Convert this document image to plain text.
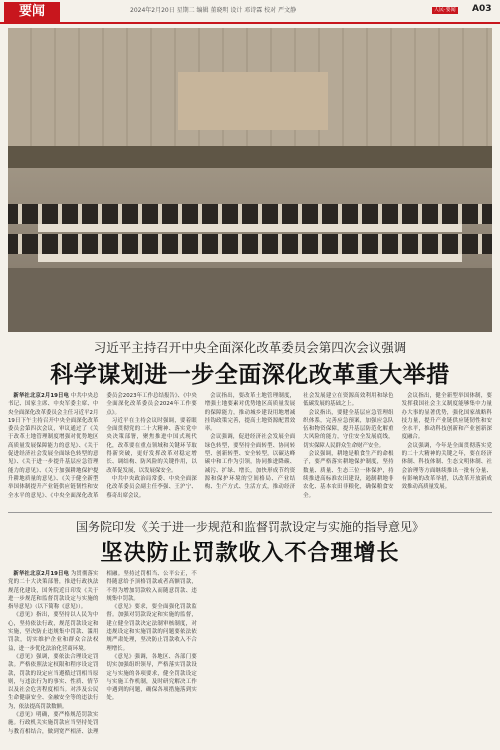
要闻	2024年2月20日 星期二 编辑 董晓明 设计 邓诗霖 校对 严文静	人民·要闻 A03
习近平主持召开中央全面深化改革委员会第四次会议强调
科学谋划进一步全面深化改革重大举措

新华社北京2月19日电 中共中央总书记、国家主席、中央军委主席、中央全面深化改革委员会主任习近平2月19日下午主持召开中央全面深化改革委员会第四次会议，审议通过了《关于改革土地管理制度增强对优势地区高质量发展保障能力的意见》、《关于促进经济社会发展全面绿色转型的意见》、《关于进一步提升基层应急管理能力的意见》、《关于加强耕地保护提升耕地质量的意见》、《关于健全新型举国体制提升产业链供应链韧性和安全水平的意见》、《中央全面深化改革委员会2023年工作总结报告》、《中央全面深化改革委员会2024年工作要点》。

习近平在主持会议时强调，要着眼全面贯彻党的二十大精神、落实党中央决策部署，聚焦推进中国式现代化，改革要在重点领域和关键环节取得新突破，更好发挥改革对稳定增长、调结构、防风险的关键作用，以改革促发展，以发展保安全。

中共中央政治局常委、中央全面深化改革委员会副主任李强、王沪宁、蔡奇出席会议。

会议指出，要改革土地管理制度，增强土地要素对优势地区高质量发展的保障能力，推动城乡建设用地增减挂钩政策完善，提高土地资源配置效率。

会议强调，促进经济社会发展全面绿色转型，要坚持全面转型、协同转型、创新转型、安全转型，以碳达峰碳中和工作为引领，协同推进降碳、减污、扩绿、增长，加快形成节约资源和保护环境的空间格局、产业结构、生产方式、生活方式，推动经济社会发展建立在资源高效利用和绿色低碳发展的基础之上。

会议指出，要健全基层应急管理组织体系，完善应急预案，加强应急队伍和物资保障，提升基层防范化解重大风险的能力，守住安全发展底线，切实保障人民群众生命财产安全。

会议强调，耕地是粮食生产的命根子，要严格落实耕地保护制度，坚持数量、质量、生态三位一体保护，持续推进高标准农田建设，遏制耕地非农化、基本农田非粮化，确保粮食安全。

会议指出，健全新型举国体制，要发挥我国社会主义制度能够集中力量办大事的显著优势，强化国家战略科技力量，提升产业链供应链韧性和安全水平，推动科技创新和产业创新深度融合。

会议强调，今年是全面贯彻落实党的二十大精神的关键之年，要在经济体制、科技体制、生态文明体制、社会治理等方面继续推出一批有分量、有影响的改革举措，以改革开放新成效推动高质量发展。

国务院印发《关于进一步规范和监督罚款设定与实施的指导意见》
坚决防止罚款收入不合理增长

新华社北京2月19日电 为贯彻落实党的二十大决策部署，推进行政执法规范化建设，国务院近日印发《关于进一步规范和监督罚款设定与实施的指导意见》（以下简称《意见》）。

《意见》指出，要坚持以人民为中心，坚持依法行政，规范罚款设定和实施，坚决防止违规集中罚款、滥用罚款，切实维护企业和群众合法权益，进一步优化法治化营商环境。

《意见》强调，要依法合理设定罚款。严格依照法定权限和程序设定罚款，罚款的设定应当遵循过罚相当原则，与违法行为的事实、性质、情节以及社会危害程度相当。对涉及公民生命健康安全、金融安全等的违法行为，依法提高罚款数额。

《意见》明确，要严格规范罚款实施。行政机关实施罚款应当坚持处罚与教育相结合，做到宽严相济、法理相融。坚持过罚相当、公平公正，不得随意给予顶格罚款或者高额罚款，不得为增加罚款收入而随意罚款、违规集中罚款。

《意见》要求，要全面强化罚款监督。加强对罚款设定和实施的监督，建立健全罚款决定法制审核制度，对违规设定和实施罚款的问题要依法依规严肃处理，坚决防止罚款收入不合理增长。

《意见》强调，各地区、各部门要切实加强组织领导，严格落实罚款设定与实施的各项要求，健全罚款设定与实施工作机制，及时研究解决工作中遇到的问题，确保各项措施落到实处。
